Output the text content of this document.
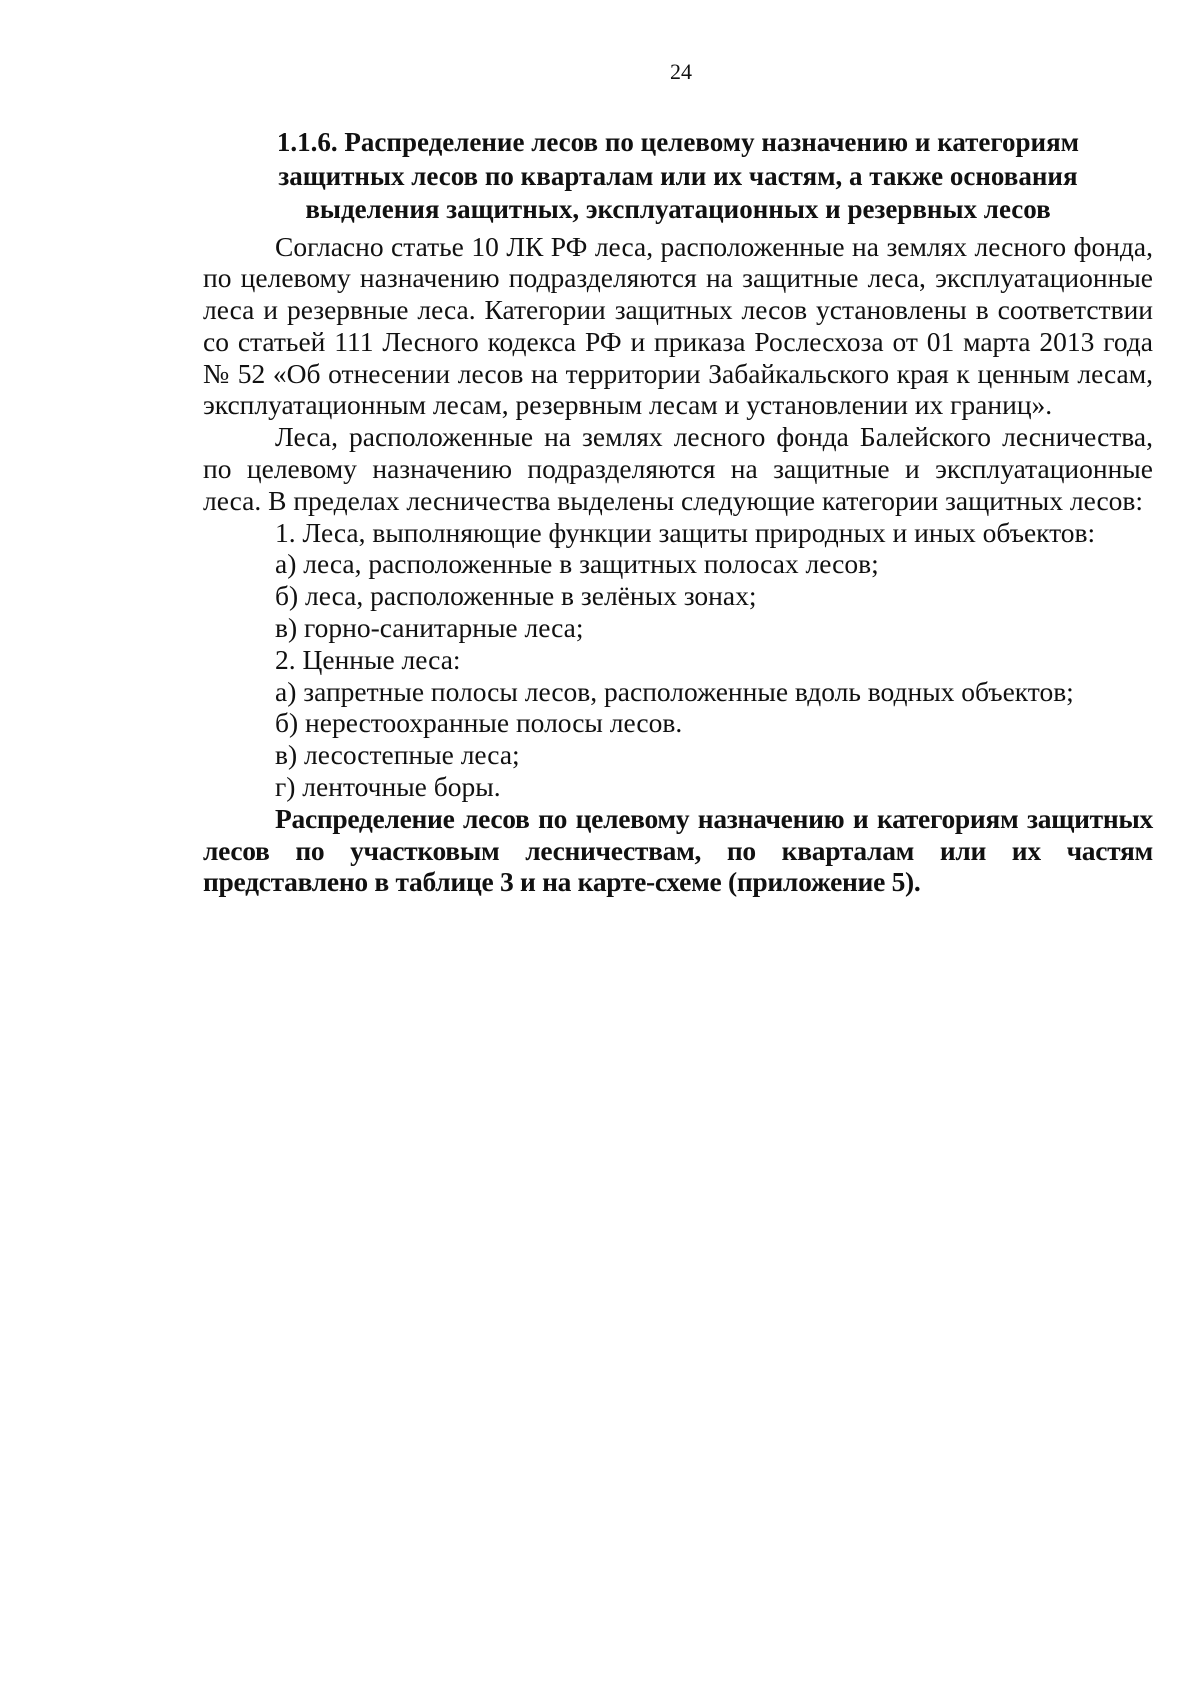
24
1.1.6. Распределение лесов по целевому назначению и категориям защитных лесов по кварталам или их частям, а также основания выделения защитных, эксплуатационных и резервных лесов

Согласно статье 10 ЛК РФ леса, расположенные на землях лесного фонда, по целевому назначению подразделяются на защитные леса, эксплуатационные леса и резервные леса. Категории защитных лесов установлены в соответствии со статьей 111 Лесного кодекса РФ и приказа Рослесхоза от 01 марта 2013 года № 52 «Об отнесении лесов на территории Забайкальского края к ценным лесам, эксплуатационным лесам, резервным лесам и установлении их границ».

Леса, расположенные на землях лесного фонда Балейского лесничества, по целевому назначению подразделяются на защитные и эксплуатационные леса. В пределах лесничества выделены следующие категории защитных лесов:

1. Леса, выполняющие функции защиты природных и иных объектов:
а) леса, расположенные в защитных полосах лесов;
б) леса, расположенные в зелёных зонах;
в) горно-санитарные леса;
2. Ценные леса:
а) запретные полосы лесов, расположенные вдоль водных объектов;
б) нерестоохранные полосы лесов.
в) лесостепные леса;
г) ленточные боры.

Распределение лесов по целевому назначению и категориям защитных лесов по участковым лесничествам, по кварталам или их частям представлено в таблице 3 и на карте-схеме (приложение 5).
